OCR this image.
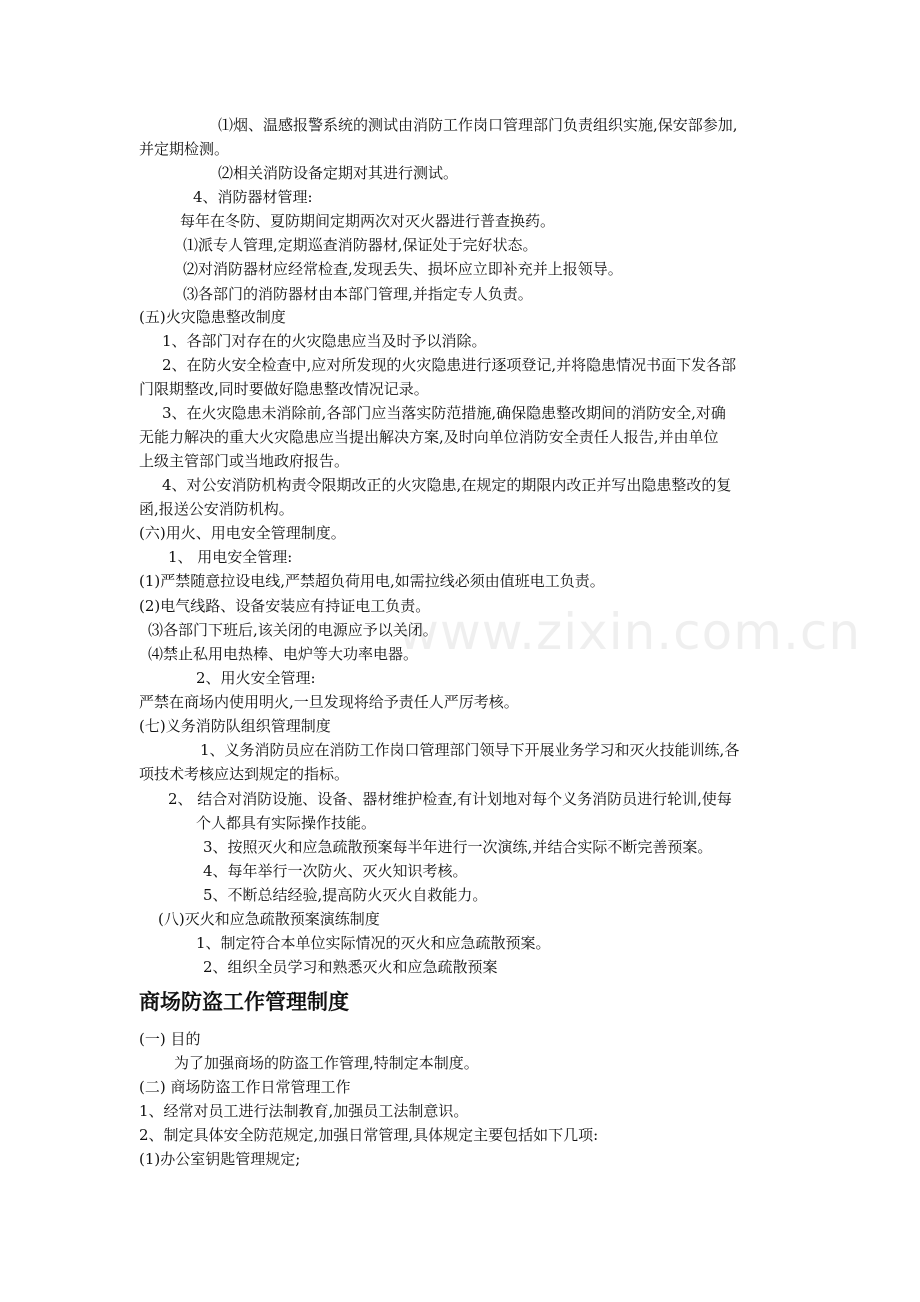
www.zixin.com.cn
⑴烟、温感报警系统的测试由消防工作岗口管理部门负责组织实施,保安部参加,
并定期检测。
⑵相关消防设备定期对其进行测试。
4、消防器材管理:
每年在冬防、夏防期间定期两次对灭火器进行普查换药。
⑴派专人管理,定期巡查消防器材,保证处于完好状态。
⑵对消防器材应经常检查,发现丢失、损坏应立即补充并上报领导。
⑶各部门的消防器材由本部门管理,并指定专人负责。
(五)火灾隐患整改制度
1、各部门对存在的火灾隐患应当及时予以消除。
2、在防火安全检查中,应对所发现的火灾隐患进行逐项登记,并将隐患情况书面下发各部
门限期整改,同时要做好隐患整改情况记录。
3、在火灾隐患未消除前,各部门应当落实防范措施,确保隐患整改期间的消防安全,对确
无能力解决的重大火灾隐患应当提出解决方案,及时向单位消防安全责任人报告,并由单位
上级主管部门或当地政府报告。
4、对公安消防机构责令限期改正的火灾隐患,在规定的期限内改正并写出隐患整改的复
函,报送公安消防机构。
(六)用火、用电安全管理制度。
1、 用电安全管理:
(1)严禁随意拉设电线,严禁超负荷用电,如需拉线必须由值班电工负责。
(2)电气线路、设备安装应有持证电工负责。
⑶各部门下班后,该关闭的电源应予以关闭。
⑷禁止私用电热棒、电炉等大功率电器。
2、用火安全管理:
严禁在商场内使用明火,一旦发现将给予责任人严厉考核。
(七)义务消防队组织管理制度
1、义务消防员应在消防工作岗口管理部门领导下开展业务学习和灭火技能训练,各
项技术考核应达到规定的指标。
2、 结合对消防设施、设备、器材维护检查,有计划地对每个义务消防员进行轮训,使每
个人都具有实际操作技能。
3、按照灭火和应急疏散预案每半年进行一次演练,并结合实际不断完善预案。
4、每年举行一次防火、灭火知识考核。
5、不断总结经验,提高防火灭火自救能力。
(八)灭火和应急疏散预案演练制度
1、制定符合本单位实际情况的灭火和应急疏散预案。
2、组织全员学习和熟悉灭火和应急疏散预案
商场防盗工作管理制度
(一) 目的
为了加强商场的防盗工作管理,特制定本制度。
(二) 商场防盗工作日常管理工作
1、经常对员工进行法制教育,加强员工法制意识。
2、制定具体安全防范规定,加强日常管理,具体规定主要包括如下几项:
(1)办公室钥匙管理规定;
